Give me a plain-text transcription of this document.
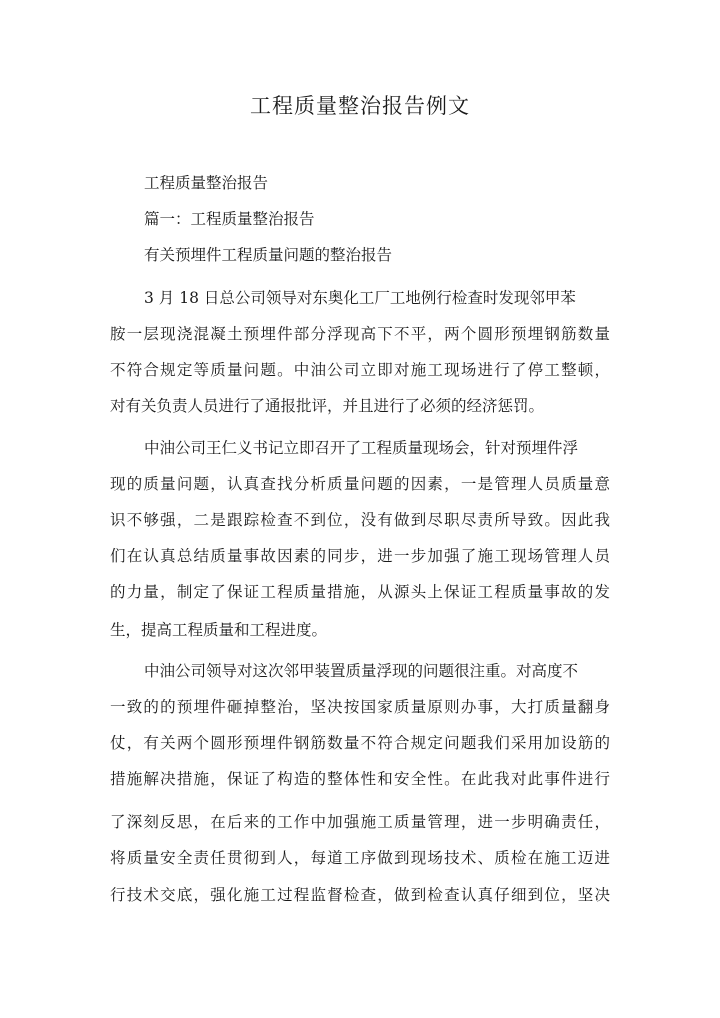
工程质量整治报告例文

工程质量整治报告

篇一：工程质量整治报告

有关预埋件工程质量问题的整治报告

3 月 18 日总公司领导对东奥化工厂工地例行检查时发现邻甲苯

胺一层现浇混凝土预埋件部分浮现高下不平，两个圆形预埋钢筋数量

不符合规定等质量问题。中油公司立即对施工现场进行了停工整顿，

对有关负责人员进行了通报批评，并且进行了必须的经济惩罚。

中油公司王仁义书记立即召开了工程质量现场会，针对预埋件浮

现的质量问题，认真查找分析质量问题的因素，一是管理人员质量意

识不够强，二是跟踪检查不到位，没有做到尽职尽责所导致。因此我

们在认真总结质量事故因素的同步，进一步加强了施工现场管理人员

的力量，制定了保证工程质量措施，从源头上保证工程质量事故的发

生，提高工程质量和工程进度。

中油公司领导对这次邻甲装置质量浮现的问题很注重。对高度不

一致的的预埋件砸掉整治，坚决按国家质量原则办事，大打质量翻身

仗，有关两个圆形预埋件钢筋数量不符合规定问题我们采用加设筋的

措施解决措施，保证了构造的整体性和安全性。在此我对此事件进行

了深刻反思，在后来的工作中加强施工质量管理，进一步明确责任，

将质量安全责任贯彻到人，每道工序做到现场技术、质检在施工迈进

行技术交底，强化施工过程监督检查，做到检查认真仔细到位，坚决
